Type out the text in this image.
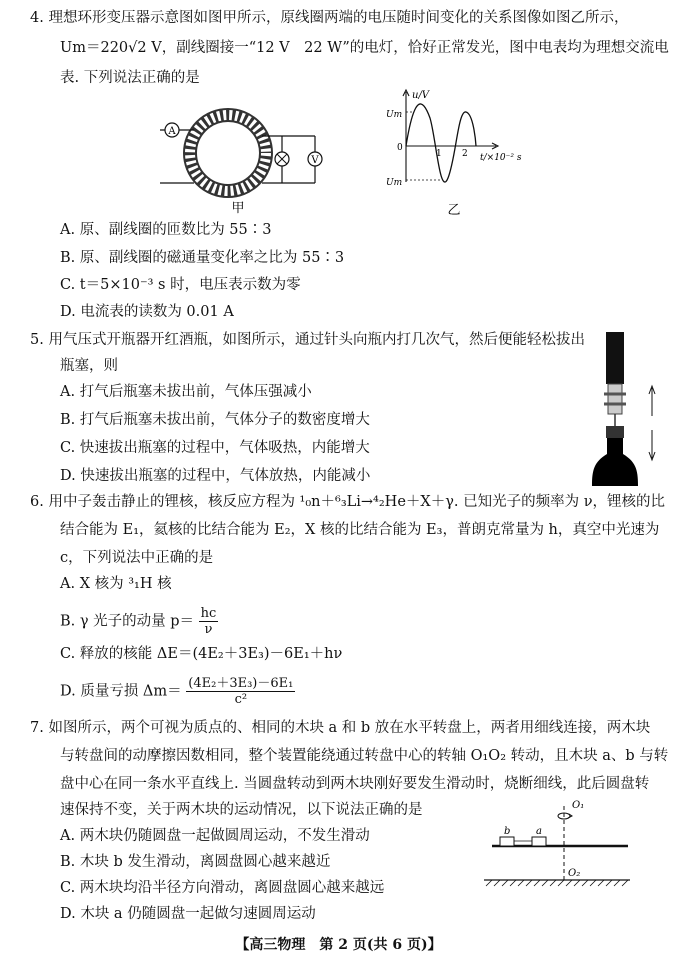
4. 理想环形变压器示意图如图甲所示，原线圈两端的电压随时间变化的关系图像如图乙所示，
Um＝220√2 V，副线圈接一“12 V　22 W”的电灯，恰好正常发光，图中电表均为理想交流电
表. 下列说法正确的是
A
V
甲
u/V
Um
Um
0
1 2 t/×10⁻² s
乙
A. 原、副线圈的匝数比为 55∶3
B. 原、副线圈的磁通量变化率之比为 55∶3
C. t＝5×10⁻³ s 时，电压表示数为零
D. 电流表的读数为 0.01 A
5. 用气压式开瓶器开红酒瓶，如图所示，通过针头向瓶内打几次气，然后便能轻松拔出
瓶塞，则
A. 打气后瓶塞未拔出前，气体压强减小
B. 打气后瓶塞未拔出前，气体分子的数密度增大
C. 快速拔出瓶塞的过程中，气体吸热，内能增大
D. 快速拔出瓶塞的过程中，气体放热，内能减小
6. 用中子轰击静止的锂核，核反应方程为 ¹₀n＋⁶₃Li→⁴₂He＋X＋γ. 已知光子的频率为 ν，锂核的比
结合能为 E₁，氦核的比结合能为 E₂，X 核的比结合能为 E₃，普朗克常量为 h，真空中光速为
c，下列说法中正确的是
A. X 核为 ³₁H 核
B. γ 光子的动量 $p= \frac{hc}{\nu}$
C. 释放的核能 ΔE＝(4E₂＋3E₃)－6E₁＋hν
D. 质量亏损 $\Delta m= \frac{\text{(4E₂＋3E₃)－6E₁}}{\text{c²}}$
7. 如图所示，两个可视为质点的、相同的木块 a 和 b 放在水平转盘上，两者用细线连接，两木块
与转盘间的动摩擦因数相同，整个装置能绕通过转盘中心的转轴 O₁O₂ 转动，且木块 a、b 与转
盘中心在同一条水平直线上. 当圆盘转动到两木块刚好要发生滑动时，烧断细线，此后圆盘转
速保持不变，关于两木块的运动情况，以下说法正确的是
A. 两木块仍随圆盘一起做圆周运动，不发生滑动
B. 木块 b 发生滑动，离圆盘圆心越来越近
C. 两木块均沿半径方向滑动，离圆盘圆心越来越远
D. 木块 a 仍随圆盘一起做匀速圆周运动
O₁
b	a
O₂
【高三物理　第 2 页(共 6 页)】
